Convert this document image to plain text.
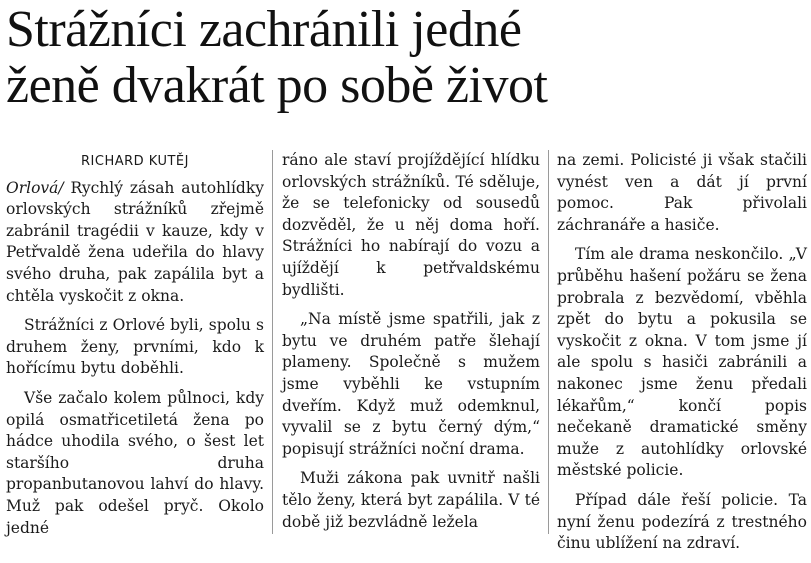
Strážníci zachránili jedné
ženě dvakrát po sobě život
RICHARD KUTĚJ

Orlová/ Rychlý zásah autohlídky orlovských strážníků zřejmě zabránil tragédii v kauze, kdy v Petřvaldě žena udeřila do hlavy svého druha, pak zapálila byt a chtěla vyskočit z okna.

Strážníci z Orlové byli, spolu s druhem ženy, prvními, kdo k hořícímu bytu doběhli.

Vše začalo kolem půlnoci, kdy opilá osmatřicetiletá žena po hádce uhodila svého, o šest let staršího druha propanbutanovou lahví do hlavy. Muž pak odešel pryč. Okolo jedné

ráno ale staví projíždějící hlídku orlovských strážníků. Té sděluje, že se telefonicky od sousedů dozvěděl, že u něj doma hoří. Strážníci ho nabírají do vozu a ujíždějí k petřvaldskému bydlišti.

„Na místě jsme spatřili, jak z bytu ve druhém patře šlehají plameny. Společně s mužem jsme vyběhli ke vstupním dveřím. Když muž odemknul, vyvalil se z bytu černý dým,“ popisují strážníci noční drama.

Muži zákona pak uvnitř našli tělo ženy, která byt zapálila. V té době již bezvládně ležela

na zemi. Policisté ji však stačili vynést ven a dát jí první pomoc. Pak přivolali záchranáře a hasiče.

Tím ale drama neskončilo. „V průběhu hašení požáru se žena probrala z bezvědomí, vběhla zpět do bytu a pokusila se vyskočit z okna. V tom jsme jí ale spolu s hasiči zabránili a nakonec jsme ženu předali lékařům,“ končí popis nečekaně dramatické směny muže z autohlídky orlovské městské policie.

Případ dále řeší policie. Ta nyní ženu podezírá z trestného činu ublížení na zdraví.
